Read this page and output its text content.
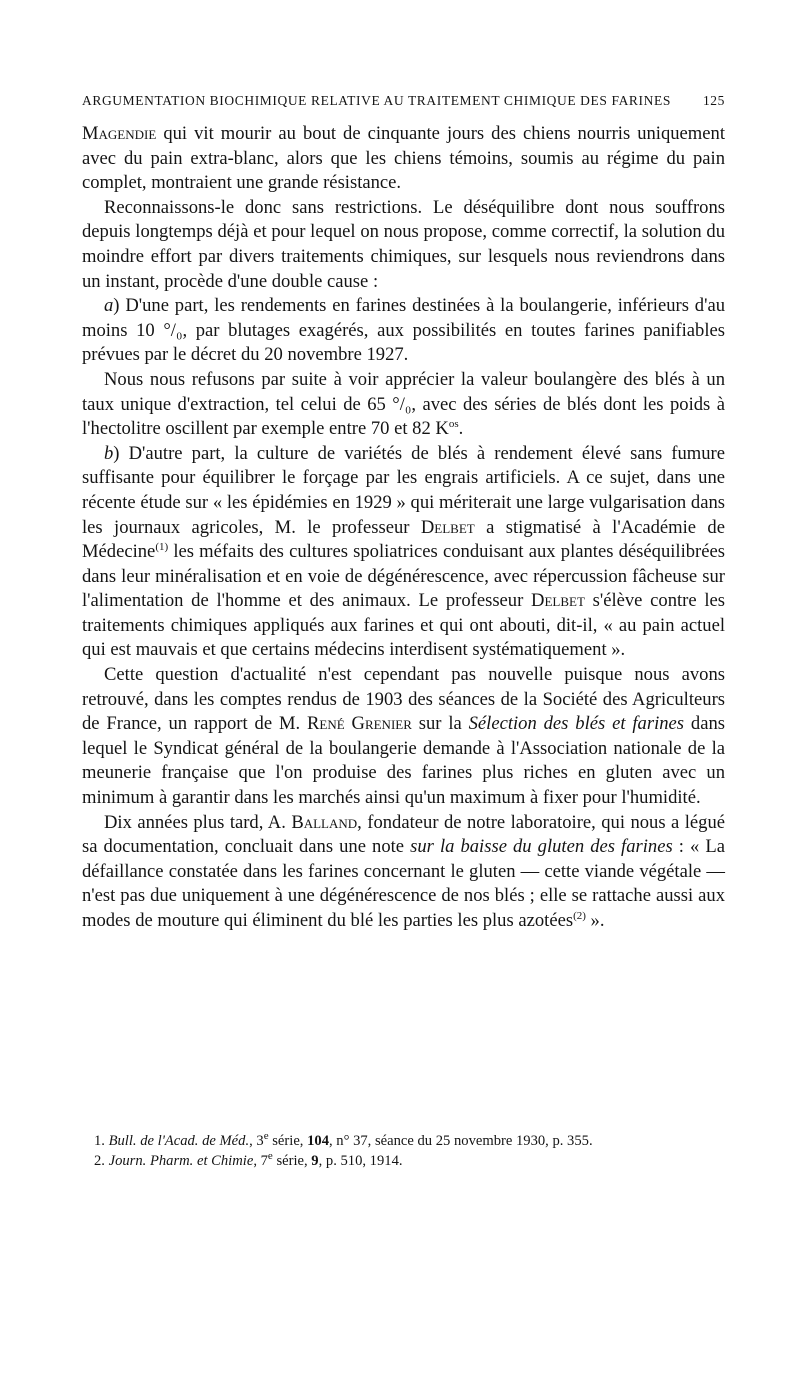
ARGUMENTATION BIOCHIMIQUE RELATIVE AU TRAITEMENT CHIMIQUE DES FARINES 125

Magendie qui vit mourir au bout de cinquante jours des chiens nourris uniquement avec du pain extra-blanc, alors que les chiens témoins, soumis au régime du pain complet, montraient une grande résistance.

Reconnaissons-le donc sans restrictions. Le déséquilibre dont nous souffrons depuis longtemps déjà et pour lequel on nous propose, comme correctif, la solution du moindre effort par divers traitements chimiques, sur lesquels nous reviendrons dans un instant, procède d'une double cause :

a) D'une part, les rendements en farines destinées à la boulangerie, inférieurs d'au moins 10 °/₀, par blutages exagérés, aux possibilités en toutes farines panifiables prévues par le décret du 20 novembre 1927.

Nous nous refusons par suite à voir apprécier la valeur boulangère des blés à un taux unique d'extraction, tel celui de 65 °/₀, avec des séries de blés dont les poids à l'hectolitre oscillent par exemple entre 70 et 82 $K^{os}$.

b) D'autre part, la culture de variétés de blés à rendement élevé sans fumure suffisante pour équilibrer le forçage par les engrais artificiels. A ce sujet, dans une récente étude sur « les épidémies en 1929 » qui mériterait une large vulgarisation dans les journaux agricoles, M. le professeur Delbet a stigmatisé à l'Académie de Médecine$^{(1)}$ les méfaits des cultures spoliatrices conduisant aux plantes déséquilibrées dans leur minéralisation et en voie de dégénérescence, avec répercussion fâcheuse sur l'alimentation de l'homme et des animaux. Le professeur Delbet s'élève contre les traitements chimiques appliqués aux farines et qui ont abouti, dit-il, « au pain actuel qui est mauvais et que certains médecins interdisent systématiquement ».

Cette question d'actualité n'est cependant pas nouvelle puisque nous avons retrouvé, dans les comptes rendus de 1903 des séances de la Société des Agriculteurs de France, un rapport de M. René Grenier sur la Sélection des blés et farines dans lequel le Syndicat général de la boulangerie demande à l'Association nationale de la meunerie française que l'on produise des farines plus riches en gluten avec un minimum à garantir dans les marchés ainsi qu'un maximum à fixer pour l'humidité.

Dix années plus tard, A. Balland, fondateur de notre laboratoire, qui nous a légué sa documentation, concluait dans une note sur la baisse du gluten des farines : « La défaillance constatée dans les farines concernant le gluten — cette viande végétale — n'est pas due uniquement à une dégénérescence de nos blés ; elle se rattache aussi aux modes de mouture qui éliminent du blé les parties les plus azotées$^{(2)}$ ».

1. Bull. de l'Acad. de Méd., 3e série, 104, n° 37, séance du 25 novembre 1930, p. 355.

2. Journ. Pharm. et Chimie, 7e série, 9, p. 510, 1914.
